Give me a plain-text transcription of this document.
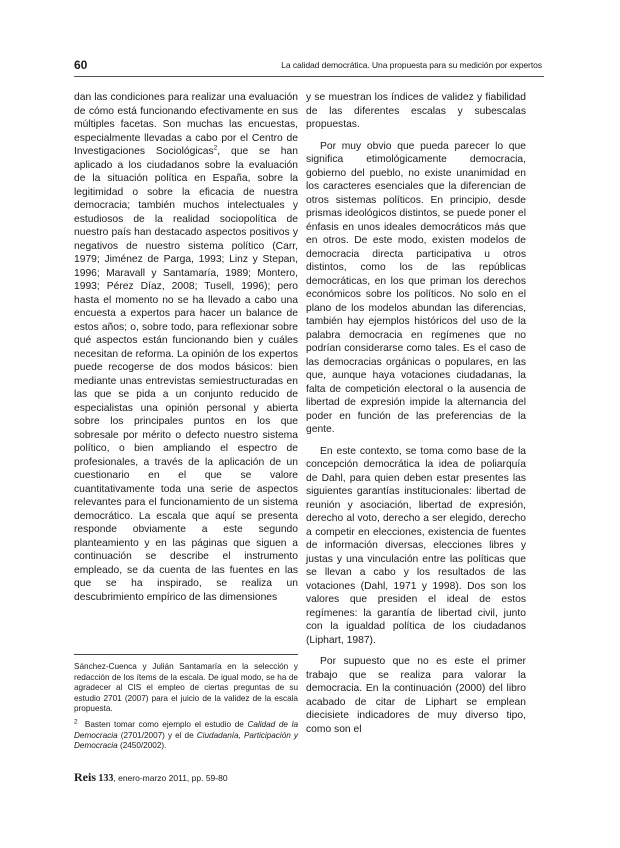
60	La calidad democrática. Una propuesta para su medición por expertos

dan las condiciones para realizar una evaluación de cómo está funcionando efectivamente en sus múltiples facetas. Son muchas las encuestas, especialmente llevadas a cabo por el Centro de Investigaciones Sociológicas$^2$, que se han aplicado a los ciudadanos sobre la evaluación de la situación política en España, sobre la legitimidad o sobre la eficacia de nuestra democracia; también muchos intelectuales y estudiosos de la realidad sociopolítica de nuestro país han destacado aspectos positivos y negativos de nuestro sistema político (Carr, 1979; Jiménez de Parga, 1993; Linz y Stepan, 1996; Maravall y Santamaría, 1989; Montero, 1993; Pérez Díaz, 2008; Tusell, 1996); pero hasta el momento no se ha llevado a cabo una encuesta a expertos para hacer un balance de estos años; o, sobre todo, para reflexionar sobre qué aspectos están funcionando bien y cuáles necesitan de reforma. La opinión de los expertos puede recogerse de dos modos básicos: bien mediante unas entrevistas semiestructuradas en las que se pida a un conjunto reducido de especialistas una opinión personal y abierta sobre los principales puntos en los que sobresale por mérito o defecto nuestro sistema político, o bien ampliando el espectro de profesionales, a través de la aplicación de un cuestionario en el que se valore cuantitativamente toda una serie de aspectos relevantes para el funcionamiento de un sistema democrático. La escala que aquí se presenta responde obviamente a este segundo planteamiento y en las páginas que siguen a continuación se describe el instrumento empleado, se da cuenta de las fuentes en las que se ha inspirado, se realiza un descubrimiento empírico de las dimensiones

y se muestran los índices de validez y fiabilidad de las diferentes escalas y subescalas propuestas.

Por muy obvio que pueda parecer lo que significa etimológicamente democracia, gobierno del pueblo, no existe unanimidad en los caracteres esenciales que la diferencian de otros sistemas políticos. En principio, desde prismas ideológicos distintos, se puede poner el énfasis en unos ideales democráticos más que en otros. De este modo, existen modelos de democracia directa participativa u otros distintos, como los de las repúblicas democráticas, en los que priman los derechos económicos sobre los políticos. No solo en el plano de los modelos abundan las diferencias, también hay ejemplos históricos del uso de la palabra democracia en regímenes que no podrían considerarse como tales. Es el caso de las democracias orgánicas o populares, en las que, aunque haya votaciones ciudadanas, la falta de competición electoral o la ausencia de libertad de expresión impide la alternancia del poder en función de las preferencias de la gente.

En este contexto, se toma como base de la concepción democrática la idea de poliarquía de Dahl, para quien deben estar presentes las siguientes garantías institucionales: libertad de reunión y asociación, libertad de expresión, derecho al voto, derecho a ser elegido, derecho a competir en elecciones, existencia de fuentes de información diversas, elecciones libres y justas y una vinculación entre las políticas que se llevan a cabo y los resultados de las votaciones (Dahl, 1971 y 1998). Dos son los valores que presiden el ideal de estos regímenes: la garantía de libertad civil, junto con la igualdad política de los ciudadanos (Liphart, 1987).

Por supuesto que no es este el primer trabajo que se realiza para valorar la democracia. En la continuación (2000) del libro acabado de citar de Liphart se emplean diecisiete indicadores de muy diverso tipo, como son el

Sánchez-Cuenca y Julián Santamaría en la selección y redacción de los ítems de la escala. De igual modo, se ha de agradecer al CIS el empleo de ciertas preguntas de su estudio 2701 (2007) para el juicio de la validez de la escala propuesta.

$^2$ Basten tomar como ejemplo el estudio de Calidad de la Democracia (2701/2007) y el de Ciudadanía, Participación y Democracia (2450/2002).

Reis 133, enero-marzo 2011, pp. 59-80
